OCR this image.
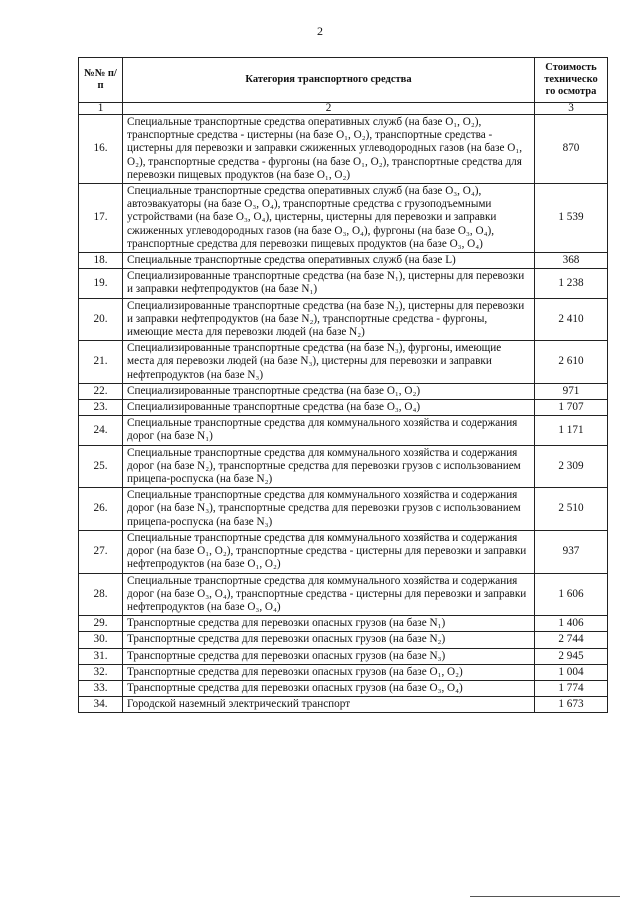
2
№№ п/п	Категория транспортного средства	Стоимость техническо го осмотра
1	2	3
16.	Специальные транспортные средства оперативных служб (на базе O₁, O₂), транспортные средства - цистерны (на базе O₁, O₂), транспортные средства - цистерны для перевозки и заправки сжиженных углеводородных газов (на базе O₁, O₂), транспортные средства - фургоны (на базе O₁, O₂), транспортные средства для перевозки пищевых продуктов (на базе O₁, O₂)	870
17.	Специальные транспортные средства оперативных служб (на базе O₃, O₄), автоэвакуаторы (на базе O₃, O₄), транспортные средства с грузоподъемными устройствами (на базе O₃, O₄), цистерны, цистерны для перевозки и заправки сжиженных углеводородных газов (на базе O₃, O₄), фургоны (на базе O₃, O₄), транспортные средства для перевозки пищевых продуктов (на базе O₃, O₄)	1 539
18.	Специальные транспортные средства оперативных служб (на базе L)	368
19.	Специализированные транспортные средства (на базе N₁), цистерны для перевозки и заправки нефтепродуктов (на базе N₁)	1 238
20.	Специализированные транспортные средства (на базе N₂), цистерны для перевозки и заправки нефтепродуктов (на базе N₂), транспортные средства - фургоны, имеющие места для перевозки людей (на базе N₂)	2 410
21.	Специализированные транспортные средства (на базе N₃), фургоны, имеющие места для перевозки людей (на базе N₃), цистерны для перевозки и заправки нефтепродуктов (на базе N₃)	2 610
22.	Специализированные транспортные средства (на базе O₁, O₂)	971
23.	Специализированные транспортные средства (на базе O₃, O₄)	1 707
24.	Специальные транспортные средства для коммунального хозяйства и содержания дорог (на базе N₁)	1 171
25.	Специальные транспортные средства для коммунального хозяйства и содержания дорог (на базе N₂), транспортные средства для перевозки грузов с использованием прицепа-роспуска (на базе N₂)	2 309
26.	Специальные транспортные средства для коммунального хозяйства и содержания дорог (на базе N₃), транспортные средства для перевозки грузов с использованием прицепа-роспуска (на базе N₃)	2 510
27.	Специальные транспортные средства для коммунального хозяйства и содержания дорог (на базе O₁, O₂), транспортные средства - цистерны для перевозки и заправки нефтепродуктов (на базе O₁, O₂)	937
28.	Специальные транспортные средства для коммунального хозяйства и содержания дорог (на базе O₃, O₄), транспортные средства - цистерны для перевозки и заправки нефтепродуктов (на базе O₃, O₄)	1 606
29.	Транспортные средства для перевозки опасных грузов (на базе N₁)	1 406
30.	Транспортные средства для перевозки опасных грузов (на базе N₂)	2 744
31.	Транспортные средства для перевозки опасных грузов (на базе N₃)	2 945
32.	Транспортные средства для перевозки опасных грузов (на базе O₁, O₂)	1 004
33.	Транспортные средства для перевозки опасных грузов (на базе O₃, O₄)	1 774
34.	Городской наземный электрический транспорт	1 673
